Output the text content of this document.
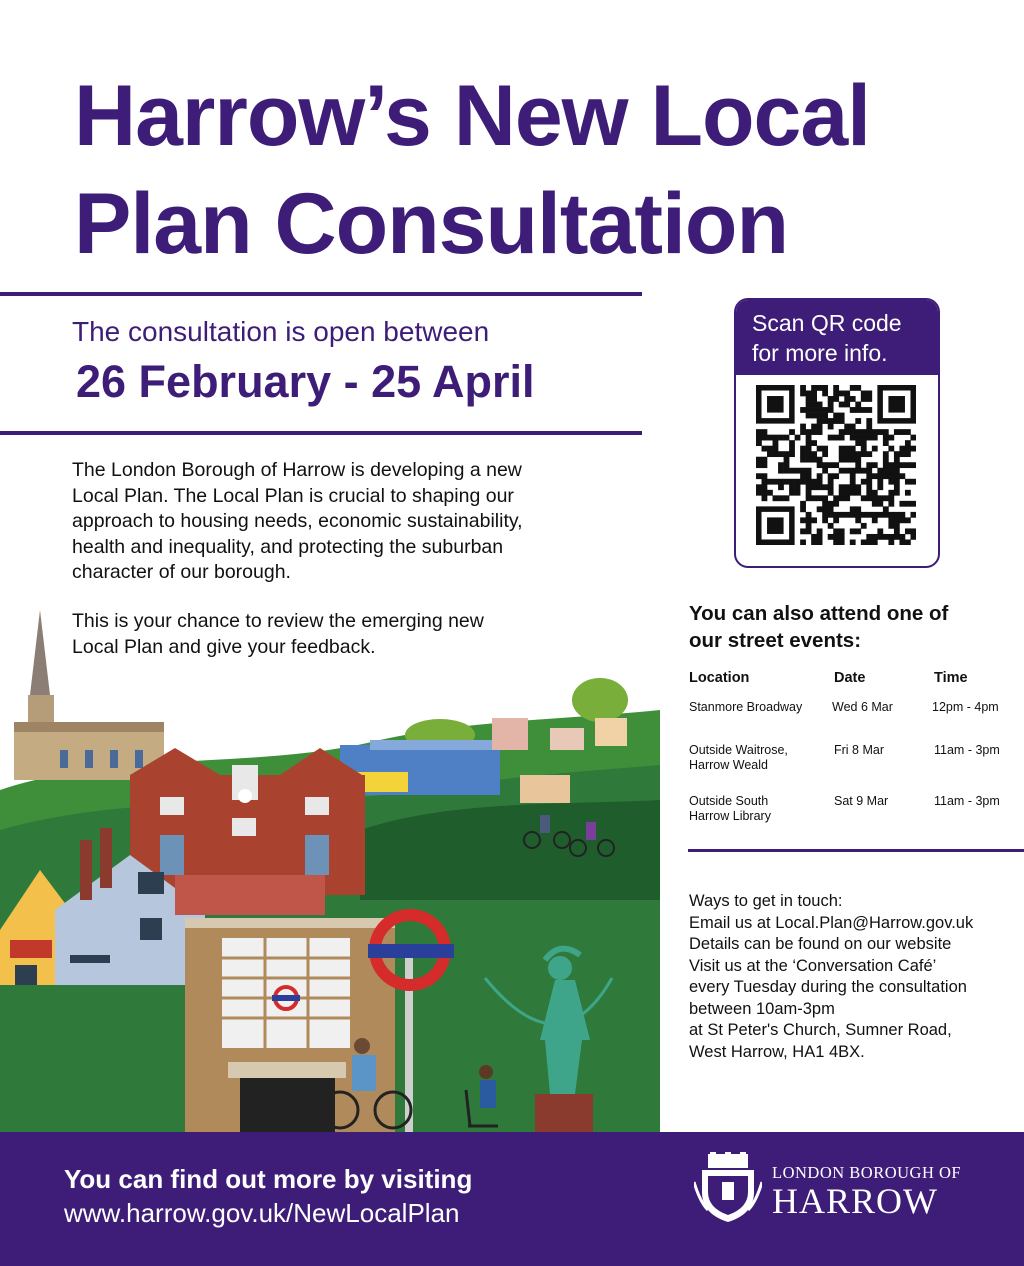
Harrow’s New Local
Plan Consultation
The consultation is open between
26 February - 25 April

The London Borough of Harrow is developing a new
Local Plan. The Local Plan is crucial to shaping our
approach to housing needs, economic sustainability,
health and inequality, and protecting the suburban
character of our borough.

This is your chance to review the emerging new
Local Plan and give your feedback.

Scan QR code
for more info.
You can also attend one of
our street events:
Location	Date	Time
Stanmore Broadway Wed 6 Mar	12pm - 4pm
Outside Waitrose,
Harrow Weald
Fri 8 Mar	11am - 3pm
Outside South
Harrow Library
Sat 9 Mar	11am - 3pm
Ways to get in touch:
Email us at Local.Plan@Harrow.gov.uk
Details can be found on our website
Visit us at the ‘Conversation Café’
every Tuesday during the consultation
between 10am-3pm
at St Peter's Church, Sumner Road,
West Harrow, HA1 4BX.
You can find out more by visiting
www.harrow.gov.uk/NewLocalPlan
LONDON BOROUGH OF
HARROW
